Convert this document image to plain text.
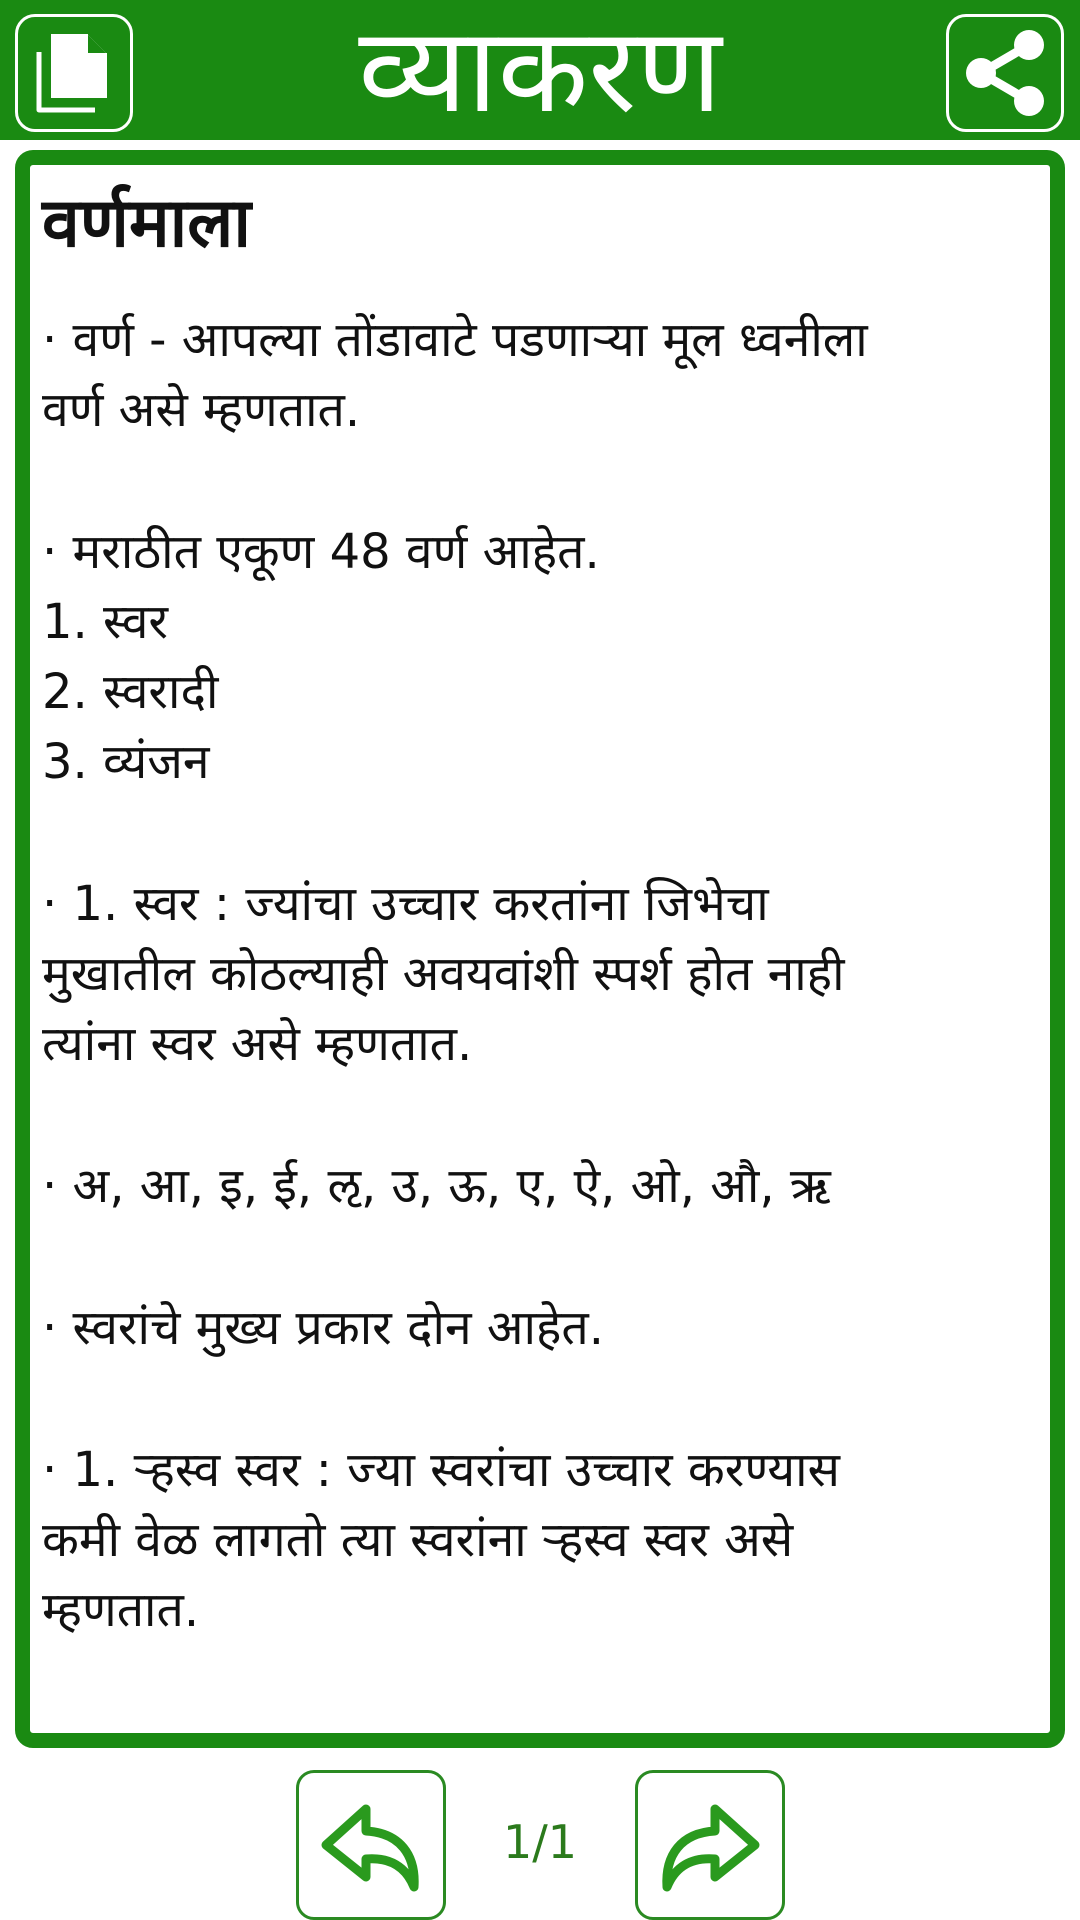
व्याकरण
वर्णमाला
· वर्ण - आपल्या तोंडावाटे पडणाऱ्या मूल ध्वनीला
वर्ण असे म्हणतात.
· मराठीत एकूण 48 वर्ण आहेत.
1. स्वर
2. स्वरादी
3. व्यंजन
· 1. स्वर : ज्यांचा उच्चार करतांना जिभेचा
मुखातील कोठल्याही अवयवांशी स्पर्श होत नाही
त्यांना स्वर असे म्हणतात.
· अ, आ, इ, ई, ऌ, उ, ऊ, ए, ऐ, ओ, औ, ऋ
· स्वरांचे मुख्य प्रकार दोन आहेत.
· 1. ऱ्हस्व स्वर : ज्या स्वरांचा उच्चार करण्यास
कमी वेळ लागतो त्या स्वरांना ऱ्हस्व स्वर असे
म्हणतात.
1/1
